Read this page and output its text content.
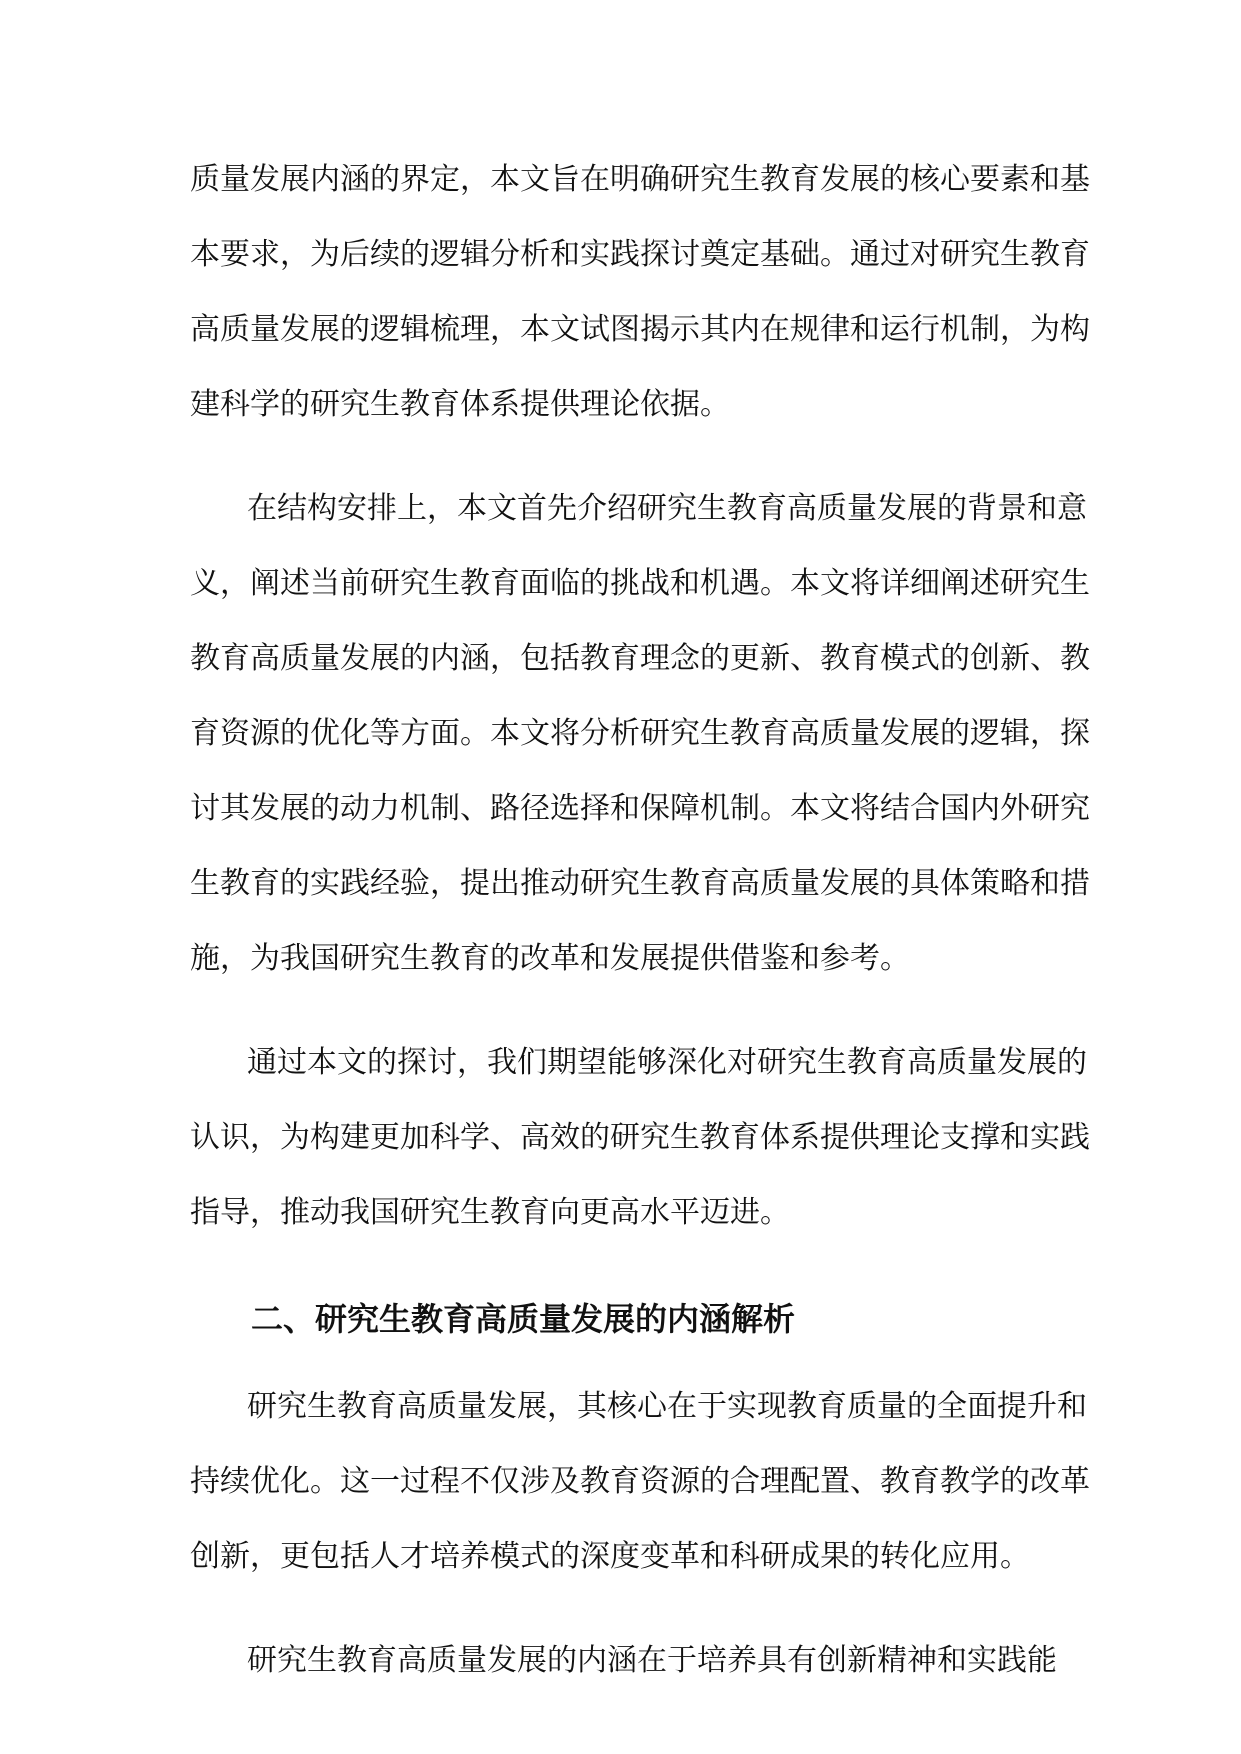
质量发展内涵的界定，本文旨在明确研究生教育发展的核心要素和基
本要求，为后续的逻辑分析和实践探讨奠定基础。通过对研究生教育
高质量发展的逻辑梳理，本文试图揭示其内在规律和运行机制，为构
建科学的研究生教育体系提供理论依据。
在结构安排上，本文首先介绍研究生教育高质量发展的背景和意
义，阐述当前研究生教育面临的挑战和机遇。本文将详细阐述研究生
教育高质量发展的内涵，包括教育理念的更新、教育模式的创新、教
育资源的优化等方面。本文将分析研究生教育高质量发展的逻辑，探
讨其发展的动力机制、路径选择和保障机制。本文将结合国内外研究
生教育的实践经验，提出推动研究生教育高质量发展的具体策略和措
施，为我国研究生教育的改革和发展提供借鉴和参考。
通过本文的探讨，我们期望能够深化对研究生教育高质量发展的
认识，为构建更加科学、高效的研究生教育体系提供理论支撑和实践
指导，推动我国研究生教育向更高水平迈进。
二、研究生教育高质量发展的内涵解析
研究生教育高质量发展，其核心在于实现教育质量的全面提升和
持续优化。这一过程不仅涉及教育资源的合理配置、教育教学的改革
创新，更包括人才培养模式的深度变革和科研成果的转化应用。
研究生教育高质量发展的内涵在于培养具有创新精神和实践能
